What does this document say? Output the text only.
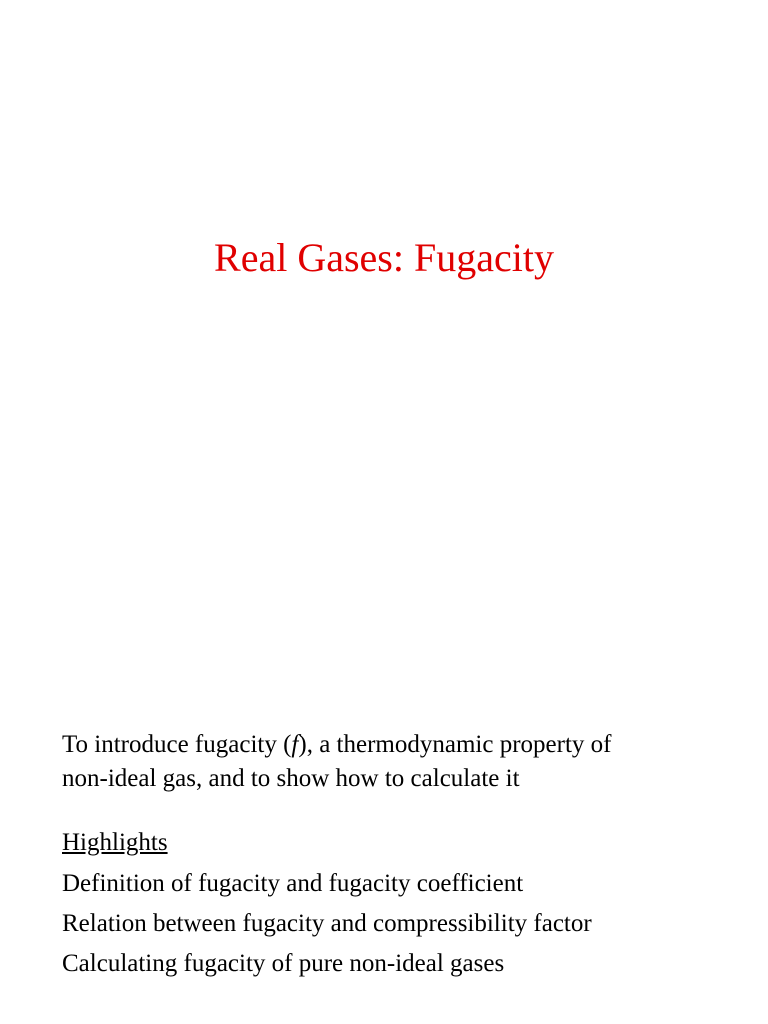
Real Gases: Fugacity

To introduce fugacity (f), a thermodynamic property of
non-ideal gas, and to show how to calculate it

Highlights

Definition of fugacity and fugacity coefficient
Relation between fugacity and compressibility factor
Calculating fugacity of pure non-ideal gases
